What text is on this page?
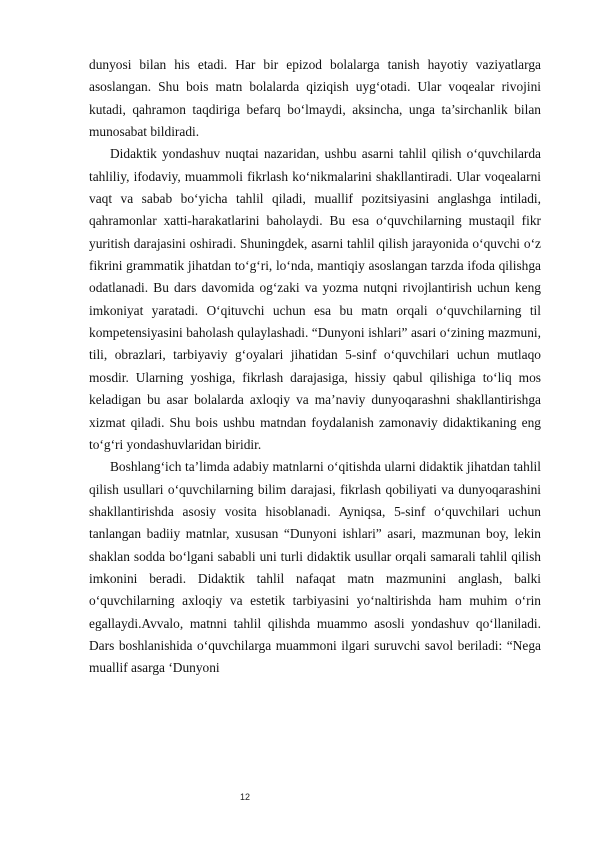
dunyosi bilan his etadi. Har bir epizod bolalarga tanish hayotiy vaziyatlarga asoslangan. Shu bois matn bolalarda qiziqish uyg‘otadi. Ular voqealar rivojini kutadi, qahramon taqdiriga befarq bo‘lmaydi, aksincha, unga ta’sirchanlik bilan munosabat bildiradi.

Didaktik yondashuv nuqtai nazaridan, ushbu asarni tahlil qilish o‘quvchilarda tahliliy, ifodaviy, muammoli fikrlash ko‘nikmalarini shakllantiradi. Ular voqealarni vaqt va sabab bo‘yicha tahlil qiladi, muallif pozitsiyasini anglashga intiladi, qahramonlar xatti-harakatlarini baholaydi. Bu esa o‘quvchilarning mustaqil fikr yuritish darajasini oshiradi. Shuningdek, asarni tahlil qilish jarayonida o‘quvchi o‘z fikrini grammatik jihatdan to‘g‘ri, lo‘nda, mantiqiy asoslangan tarzda ifoda qilishga odatlanadi. Bu dars davomida og‘zaki va yozma nutqni rivojlantirish uchun keng imkoniyat yaratadi. O‘qituvchi uchun esa bu matn orqali o‘quvchilarning til kompetensiyasini baholash qulaylashadi. “Dunyoni ishlari” asari o‘zining mazmuni, tili, obrazlari, tarbiyaviy g‘oyalari jihatidan 5-sinf o‘quvchilari uchun mutlaqo mosdir. Ularning yoshiga, fikrlash darajasiga, hissiy qabul qilishiga to‘liq mos keladigan bu asar bolalarda axloqiy va ma’naviy dunyoqarashni shakllantirishga xizmat qiladi. Shu bois ushbu matndan foydalanish zamonaviy didaktikaning eng to‘g‘ri yondashuvlaridan biridir.

Boshlang‘ich ta’limda adabiy matnlarni o‘qitishda ularni didaktik jihatdan tahlil qilish usullari o‘quvchilarning bilim darajasi, fikrlash qobiliyati va dunyoqarashini shakllantirishda asosiy vosita hisoblanadi. Ayniqsa, 5-sinf o‘quvchilari uchun tanlangan badiiy matnlar, xususan “Dunyoni ishlari” asari, mazmunan boy, lekin shaklan sodda bo‘lgani sababli uni turli didaktik usullar orqali samarali tahlil qilish imkonini beradi. Didaktik tahlil nafaqat matn mazmunini anglash, balki o‘quvchilarning axloqiy va estetik tarbiyasini yo‘naltirishda ham muhim o‘rin egallaydi.Avvalo, matnni tahlil qilishda muammo asosli yondashuv qo‘llaniladi. Dars boshlanishida o‘quvchilarga muammoni ilgari suruvchi savol beriladi: “Nega muallif asarga ‘Dunyoni

12
